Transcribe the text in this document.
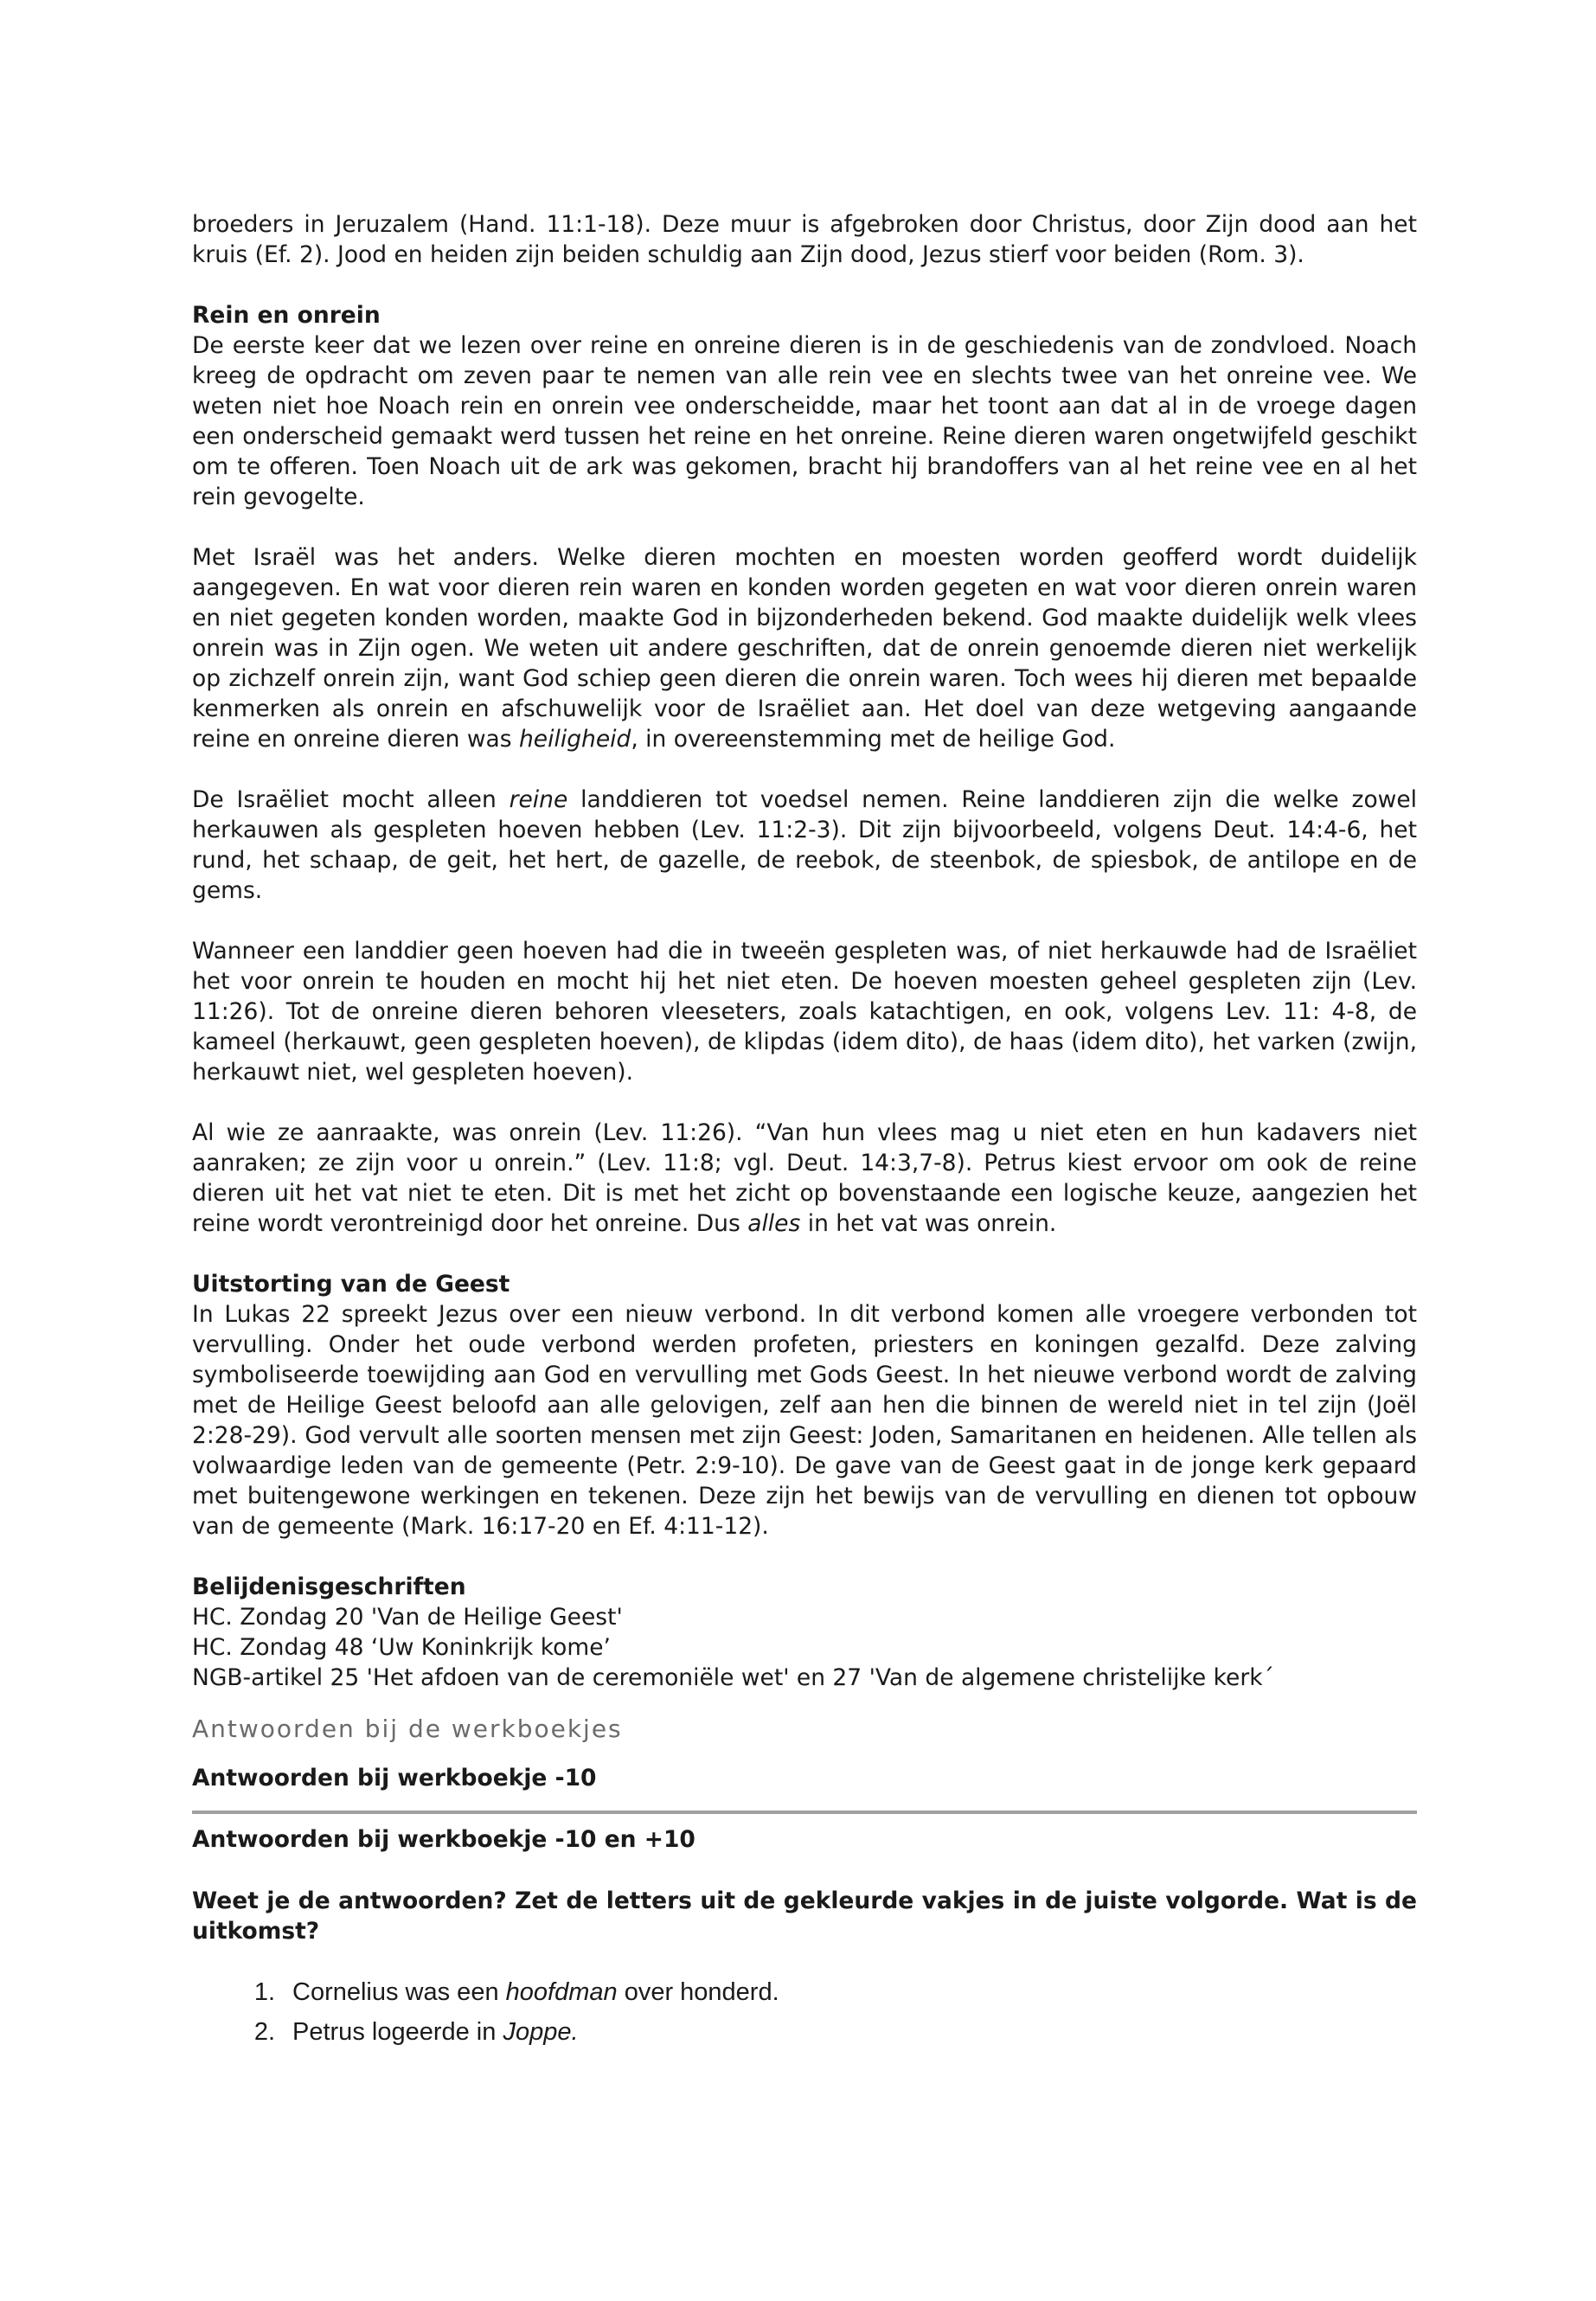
broeders in Jeruzalem (Hand. 11:1-18). Deze muur is afgebroken door Christus, door Zijn dood aan het kruis (Ef. 2). Jood en heiden zijn beiden schuldig aan Zijn dood, Jezus stierf voor beiden (Rom. 3).

Rein en onrein

De eerste keer dat we lezen over reine en onreine dieren is in de geschiedenis van de zondvloed. Noach kreeg de opdracht om zeven paar te nemen van alle rein vee en slechts twee van het onreine vee. We weten niet hoe Noach rein en onrein vee onderscheidde, maar het toont aan dat al in de vroege dagen een onderscheid gemaakt werd tussen het reine en het onreine. Reine dieren waren ongetwijfeld geschikt om te offeren. Toen Noach uit de ark was gekomen, bracht hij brandoffers van al het reine vee en al het rein gevogelte.

Met Israël was het anders. Welke dieren mochten en moesten worden geofferd wordt duidelijk aangegeven. En wat voor dieren rein waren en konden worden gegeten en wat voor dieren onrein waren en niet gegeten konden worden, maakte God in bijzonderheden bekend. God maakte duidelijk welk vlees onrein was in Zijn ogen. We weten uit andere geschriften, dat de onrein genoemde dieren niet werkelijk op zichzelf onrein zijn, want God schiep geen dieren die onrein waren. Toch wees hij dieren met bepaalde kenmerken als onrein en afschuwelijk voor de Israëliet aan. Het doel van deze wetgeving aangaande reine en onreine dieren was heiligheid, in overeenstemming met de heilige God.

De Israëliet mocht alleen reine landdieren tot voedsel nemen. Reine landdieren zijn die welke zowel herkauwen als gespleten hoeven hebben (Lev. 11:2-3). Dit zijn bijvoorbeeld, volgens Deut. 14:4-6, het rund, het schaap, de geit, het hert, de gazelle, de reebok, de steenbok, de spiesbok, de antilope en de gems.

Wanneer een landdier geen hoeven had die in tweeën gespleten was, of niet herkauwde had de Israëliet het voor onrein te houden en mocht hij het niet eten. De hoeven moesten geheel gespleten zijn (Lev. 11:26). Tot de onreine dieren behoren vleeseters, zoals katachtigen, en ook, volgens Lev. 11: 4-8, de kameel (herkauwt, geen gespleten hoeven), de klipdas (idem dito), de haas (idem dito), het varken (zwijn, herkauwt niet, wel gespleten hoeven).

Al wie ze aanraakte, was onrein (Lev. 11:26). “Van hun vlees mag u niet eten en hun kadavers niet aanraken; ze zijn voor u onrein.” (Lev. 11:8; vgl. Deut. 14:3,7-8). Petrus kiest ervoor om ook de reine dieren uit het vat niet te eten. Dit is met het zicht op bovenstaande een logische keuze, aangezien het reine wordt verontreinigd door het onreine. Dus alles in het vat was onrein.

Uitstorting van de Geest

In Lukas 22 spreekt Jezus over een nieuw verbond. In dit verbond komen alle vroegere verbonden tot vervulling. Onder het oude verbond werden profeten, priesters en koningen gezalfd. Deze zalving symboliseerde toewijding aan God en vervulling met Gods Geest. In het nieuwe verbond wordt de zalving met de Heilige Geest beloofd aan alle gelovigen, zelf aan hen die binnen de wereld niet in tel zijn (Joël 2:28-29). God vervult alle soorten mensen met zijn Geest: Joden, Samaritanen en heidenen. Alle tellen als volwaardige leden van de gemeente (Petr. 2:9-10). De gave van de Geest gaat in de jonge kerk gepaard met buitengewone werkingen en tekenen. Deze zijn het bewijs van de vervulling en dienen tot opbouw van de gemeente (Mark. 16:17-20 en Ef. 4:11-12).

Belijdenisgeschriften

HC. Zondag 20 'Van de Heilige Geest'

HC. Zondag 48 ‘Uw Koninkrijk kome’

NGB-artikel 25 'Het afdoen van de ceremoniële wet' en 27 'Van de algemene christelijke kerk´

Antwoorden bij de werkboekjes

Antwoorden bij werkboekje -10

Antwoorden bij werkboekje -10 en +10

Weet je de antwoorden? Zet de letters uit de gekleurde vakjes in de juiste volgorde. Wat is de uitkomst?

1. Cornelius was een hoofdman over honderd.
2. Petrus logeerde in Joppe.
